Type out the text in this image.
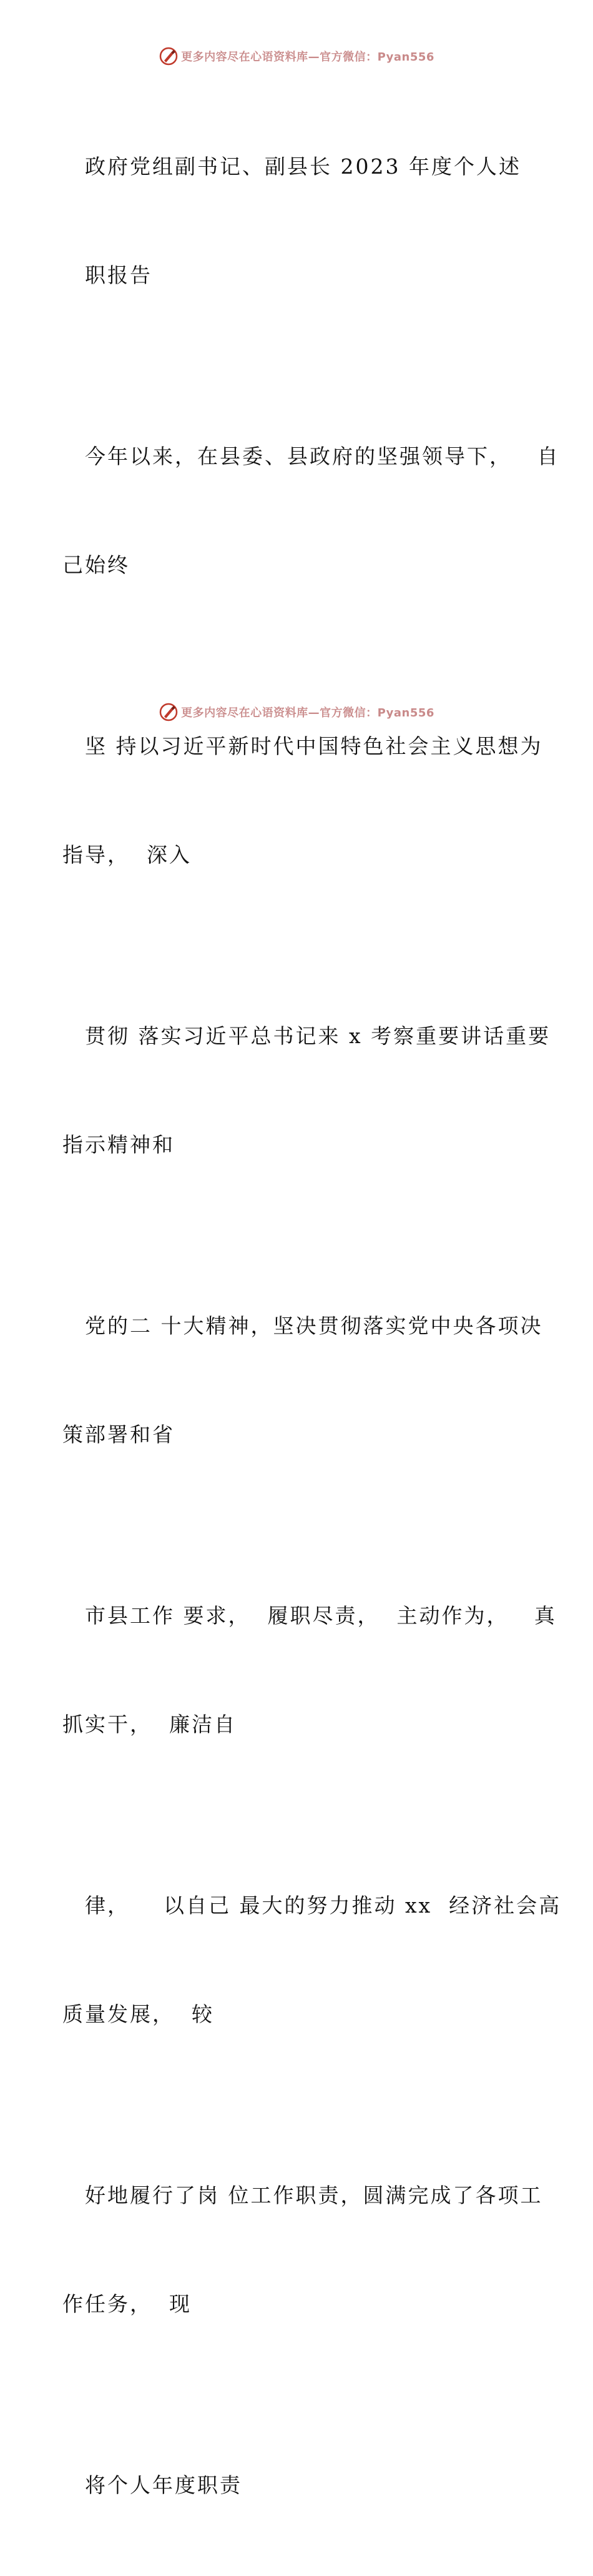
更多内容尽在心语资料库—官方微信：Pyan556

政府党组副书记、副县长 2023 年度个人述

职报告

今年以来，在县委、县政府的坚强领导下，   自

己始终

坚 持以习近平新时代中国特色社会主义思想为

指导，  深入

贯彻 落实习近平总书记来 x 考察重要讲话重要

指示精神和

党的二 十大精神，坚决贯彻落实党中央各项决

策部署和省

市县工作 要求，  履职尽责，  主动作为，   真

抓实干，  廉洁自

律，    以自己 最大的努力推动 xx  经济社会高

质量发展，  较

好地履行了岗 位工作职责，圆满完成了各项工

作任务，  现

将个人年度职责

更多内容尽在心语资料库—官方微信：Pyan556
